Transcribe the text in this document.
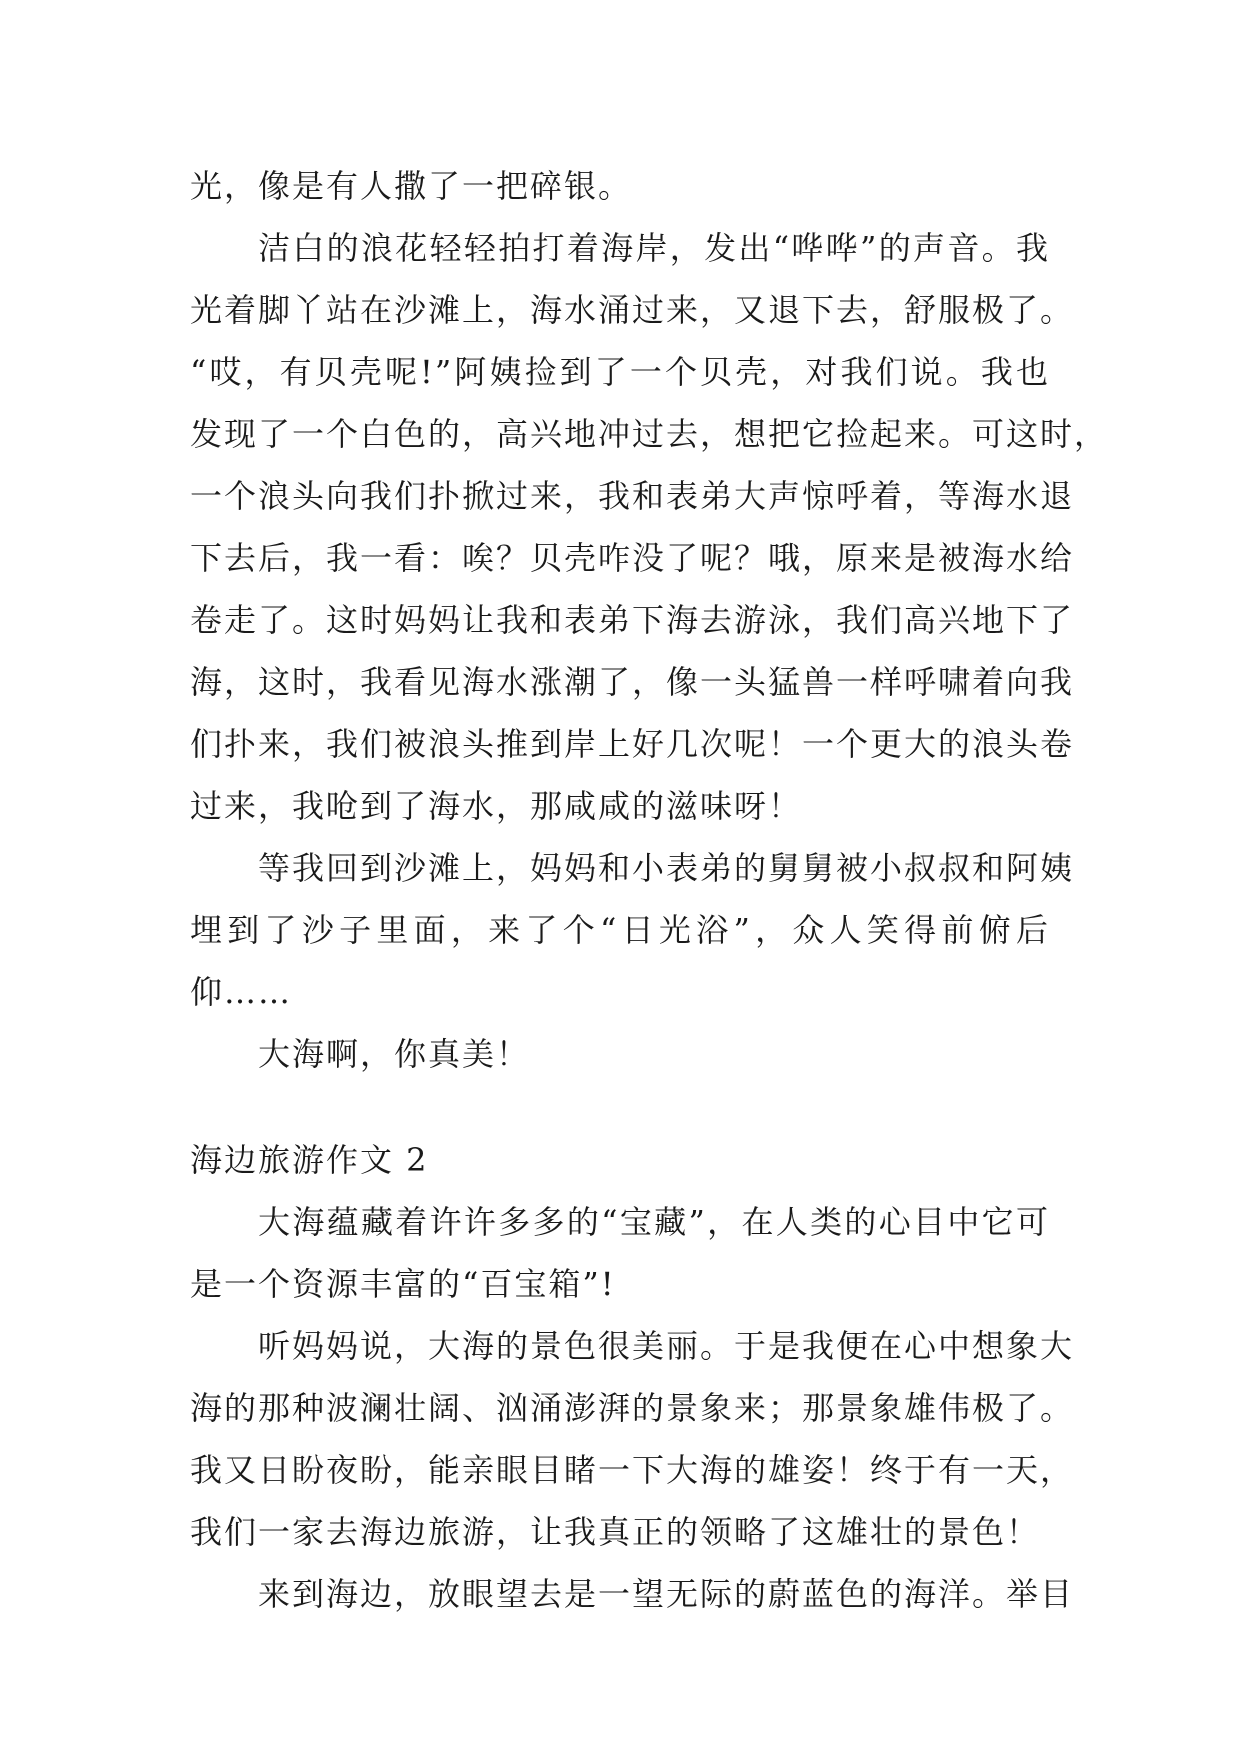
光，像是有人撒了一把碎银。
洁白的浪花轻轻拍打着海岸，发出“哗哗”的声音。我
光着脚丫站在沙滩上，海水涌过来，又退下去，舒服极了。
“哎，有贝壳呢!”阿姨捡到了一个贝壳，对我们说。我也
发现了一个白色的，高兴地冲过去，想把它捡起来。可这时，
一个浪头向我们扑掀过来，我和表弟大声惊呼着，等海水退
下去后，我一看：唉？贝壳咋没了呢？哦，原来是被海水给
卷走了。这时妈妈让我和表弟下海去游泳，我们高兴地下了
海，这时，我看见海水涨潮了，像一头猛兽一样呼啸着向我
们扑来，我们被浪头推到岸上好几次呢！一个更大的浪头卷
过来，我呛到了海水，那咸咸的滋味呀！
等我回到沙滩上，妈妈和小表弟的舅舅被小叔叔和阿姨
埋到了沙子里面，来了个“日光浴”，众人笑得前俯后
仰……
大海啊，你真美！
海边旅游作文 2
大海蕴藏着许许多多的“宝藏”，在人类的心目中它可
是一个资源丰富的“百宝箱”!
听妈妈说，大海的景色很美丽。于是我便在心中想象大
海的那种波澜壮阔、汹涌澎湃的景象来；那景象雄伟极了。
我又日盼夜盼，能亲眼目睹一下大海的雄姿！终于有一天，
我们一家去海边旅游，让我真正的领略了这雄壮的景色！
来到海边，放眼望去是一望无际的蔚蓝色的海洋。举目
